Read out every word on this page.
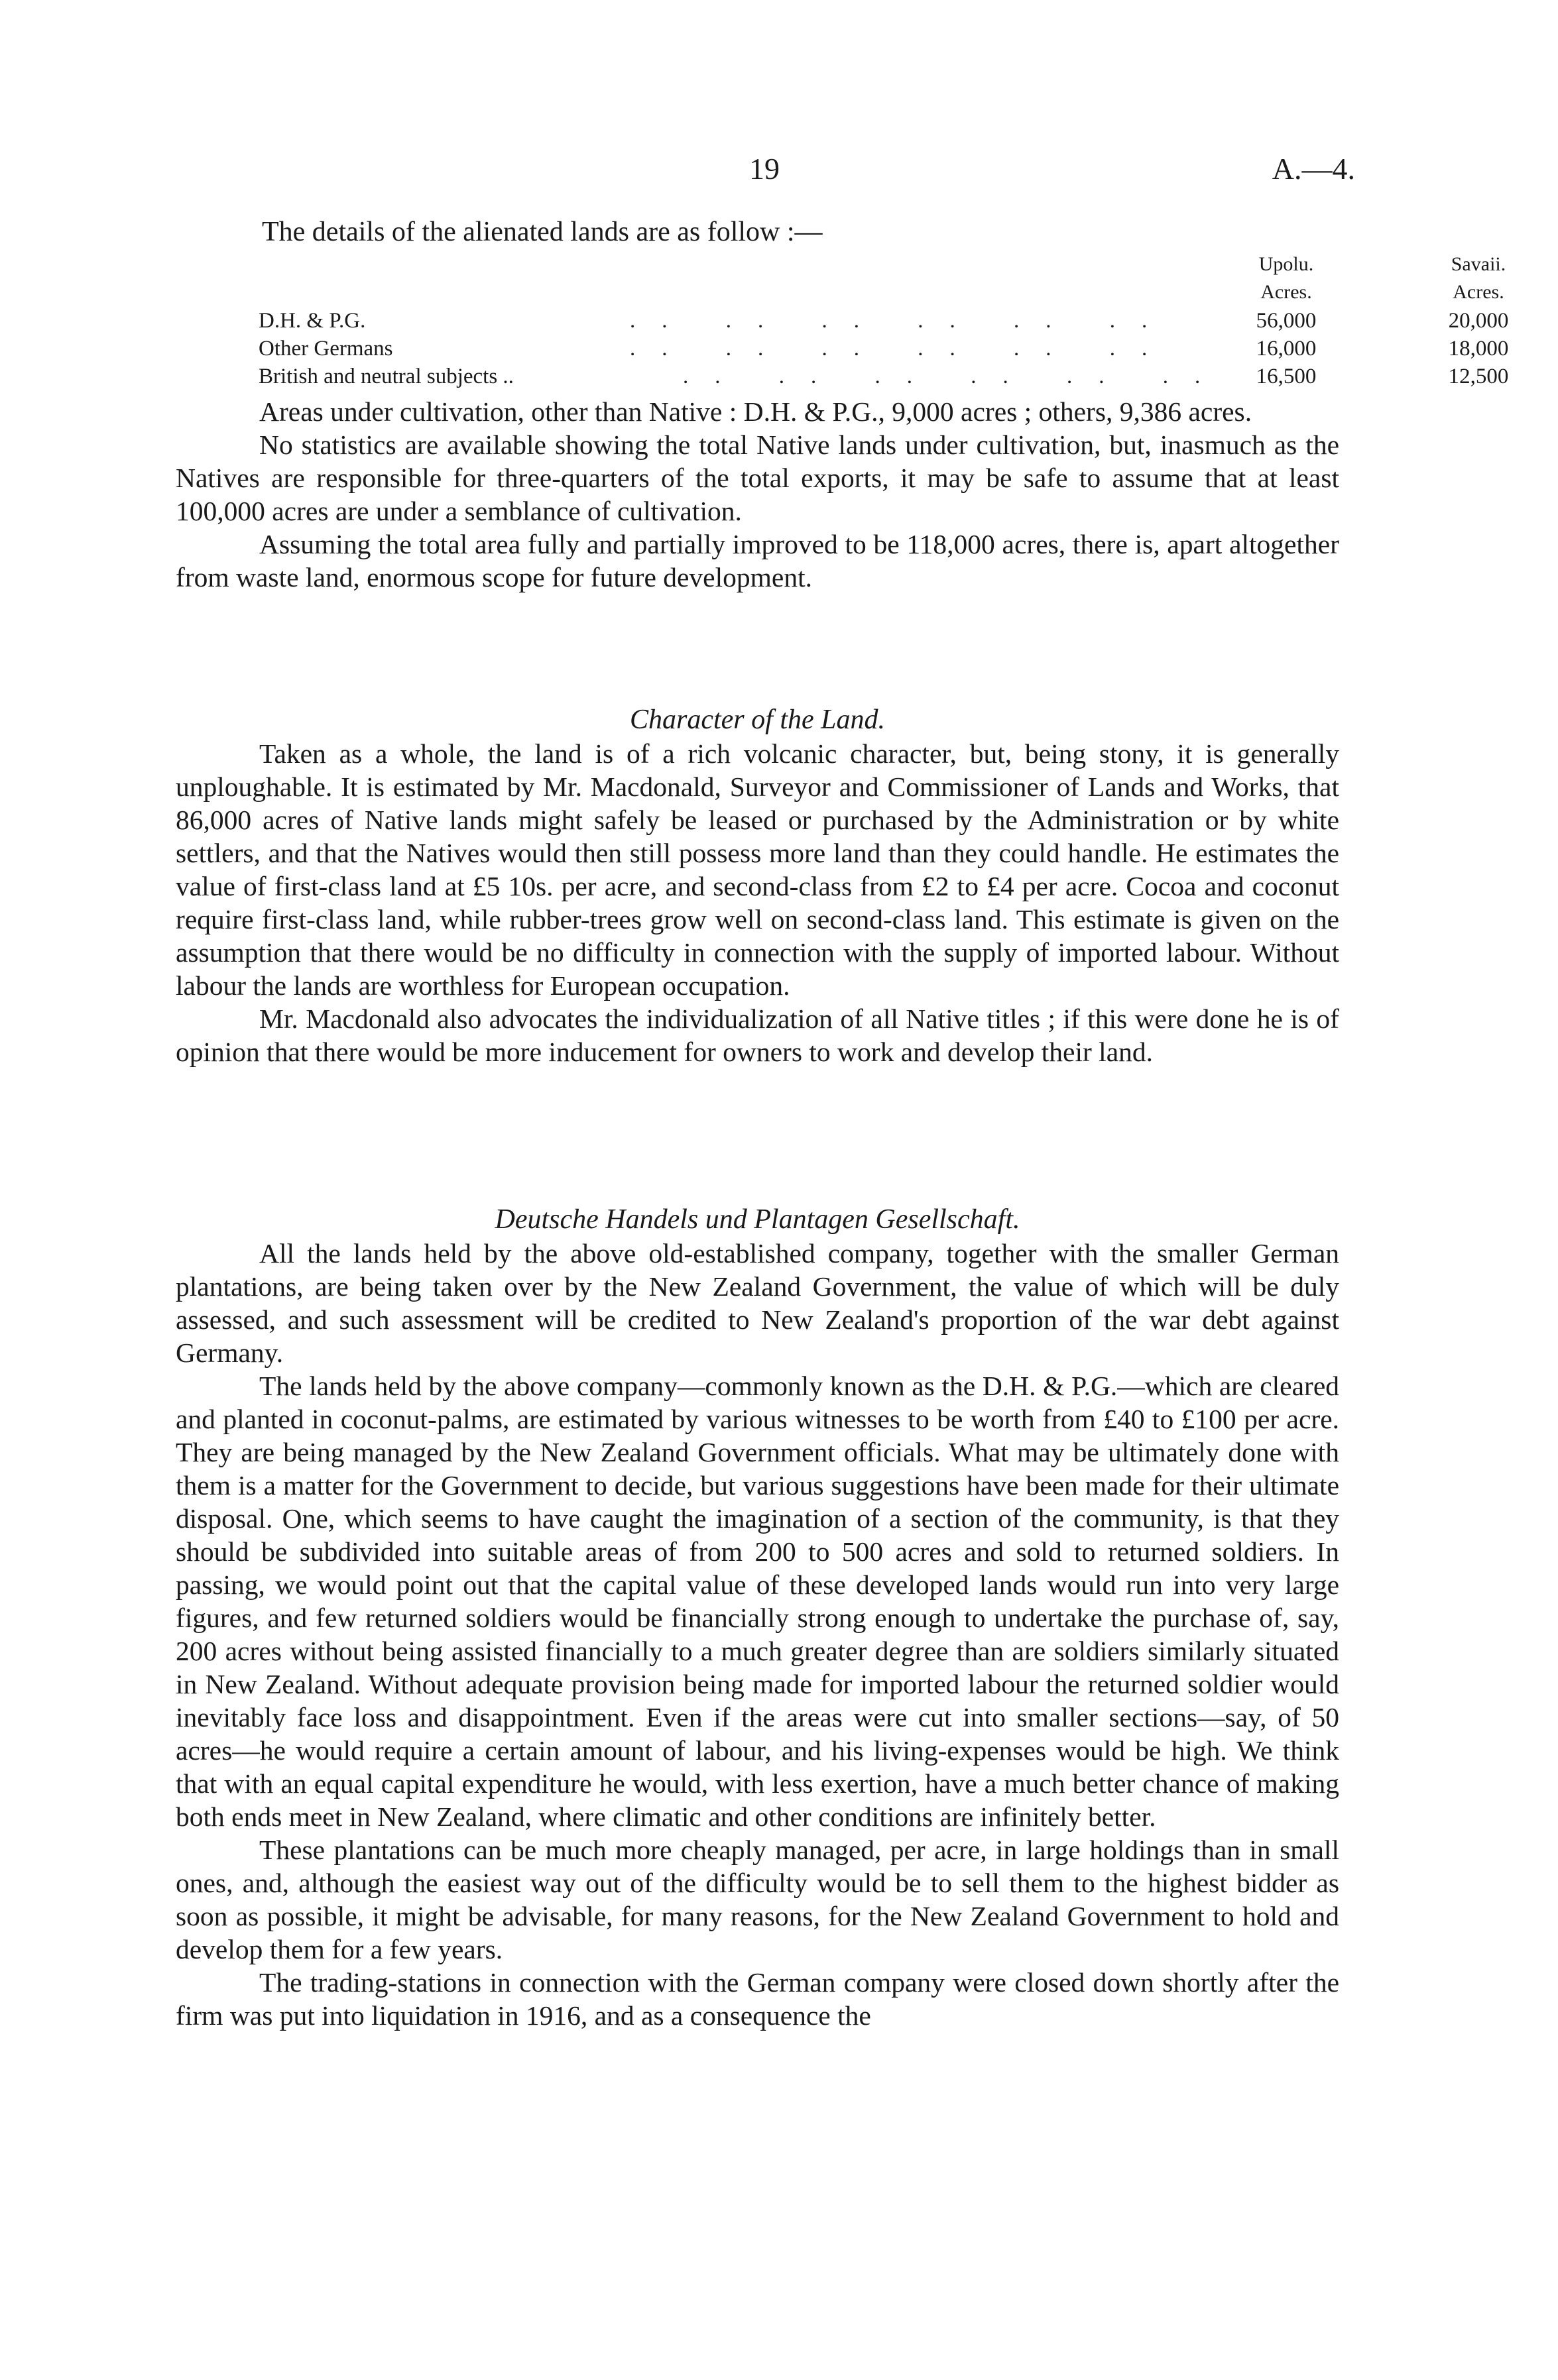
19	A.—4.
The details of the alienated lands are as follow :—
Upolu.	Savaii.
Acres.	Acres.
D.H. & P.G.	.. .. .. .. .. ..	56,000	20,000
Other Germans	.. .. .. .. .. ..	16,000	18,000
British and neutral subjects ..	.. .. .. .. .. ..	16,500	12,500

Areas under cultivation, other than Native : D.H. & P.G., 9,000 acres ; others, 9,386 acres.

No statistics are available showing the total Native lands under cultivation, but, inasmuch as the Natives are responsible for three-quarters of the total exports, it may be safe to assume that at least 100,000 acres are under a semblance of cultivation.

Assuming the total area fully and partially improved to be 118,000 acres, there is, apart altogether from waste land, enormous scope for future development.

Character of the Land.

Taken as a whole, the land is of a rich volcanic character, but, being stony, it is generally unploughable. It is estimated by Mr. Macdonald, Surveyor and Commissioner of Lands and Works, that 86,000 acres of Native lands might safely be leased or purchased by the Administration or by white settlers, and that the Natives would then still possess more land than they could handle. He estimates the value of first-class land at £5 10s. per acre, and second-class from £2 to £4 per acre. Cocoa and coconut require first-class land, while rubber-trees grow well on second-class land. This estimate is given on the assumption that there would be no difficulty in connection with the supply of imported labour. Without labour the lands are worthless for European occupation.

Mr. Macdonald also advocates the individualization of all Native titles ; if this were done he is of opinion that there would be more inducement for owners to work and develop their land.

Deutsche Handels und Plantagen Gesellschaft.

All the lands held by the above old-established company, together with the smaller German plantations, are being taken over by the New Zealand Government, the value of which will be duly assessed, and such assessment will be credited to New Zealand's proportion of the war debt against Germany.

The lands held by the above company—commonly known as the D.H. & P.G.—which are cleared and planted in coconut-palms, are estimated by various witnesses to be worth from £40 to £100 per acre. They are being managed by the New Zealand Government officials. What may be ultimately done with them is a matter for the Government to decide, but various suggestions have been made for their ultimate disposal. One, which seems to have caught the imagination of a section of the community, is that they should be subdivided into suitable areas of from 200 to 500 acres and sold to returned soldiers. In passing, we would point out that the capital value of these developed lands would run into very large figures, and few returned soldiers would be financially strong enough to undertake the purchase of, say, 200 acres without being assisted financially to a much greater degree than are soldiers similarly situated in New Zealand. Without adequate provision being made for imported labour the returned soldier would inevitably face loss and disappointment. Even if the areas were cut into smaller sections—say, of 50 acres—he would require a certain amount of labour, and his living-expenses would be high. We think that with an equal capital expenditure he would, with less exertion, have a much better chance of making both ends meet in New Zealand, where climatic and other conditions are infinitely better.

These plantations can be much more cheaply managed, per acre, in large holdings than in small ones, and, although the easiest way out of the difficulty would be to sell them to the highest bidder as soon as possible, it might be advisable, for many reasons, for the New Zealand Government to hold and develop them for a few years.

The trading-stations in connection with the German company were closed down shortly after the firm was put into liquidation in 1916, and as a consequence the
